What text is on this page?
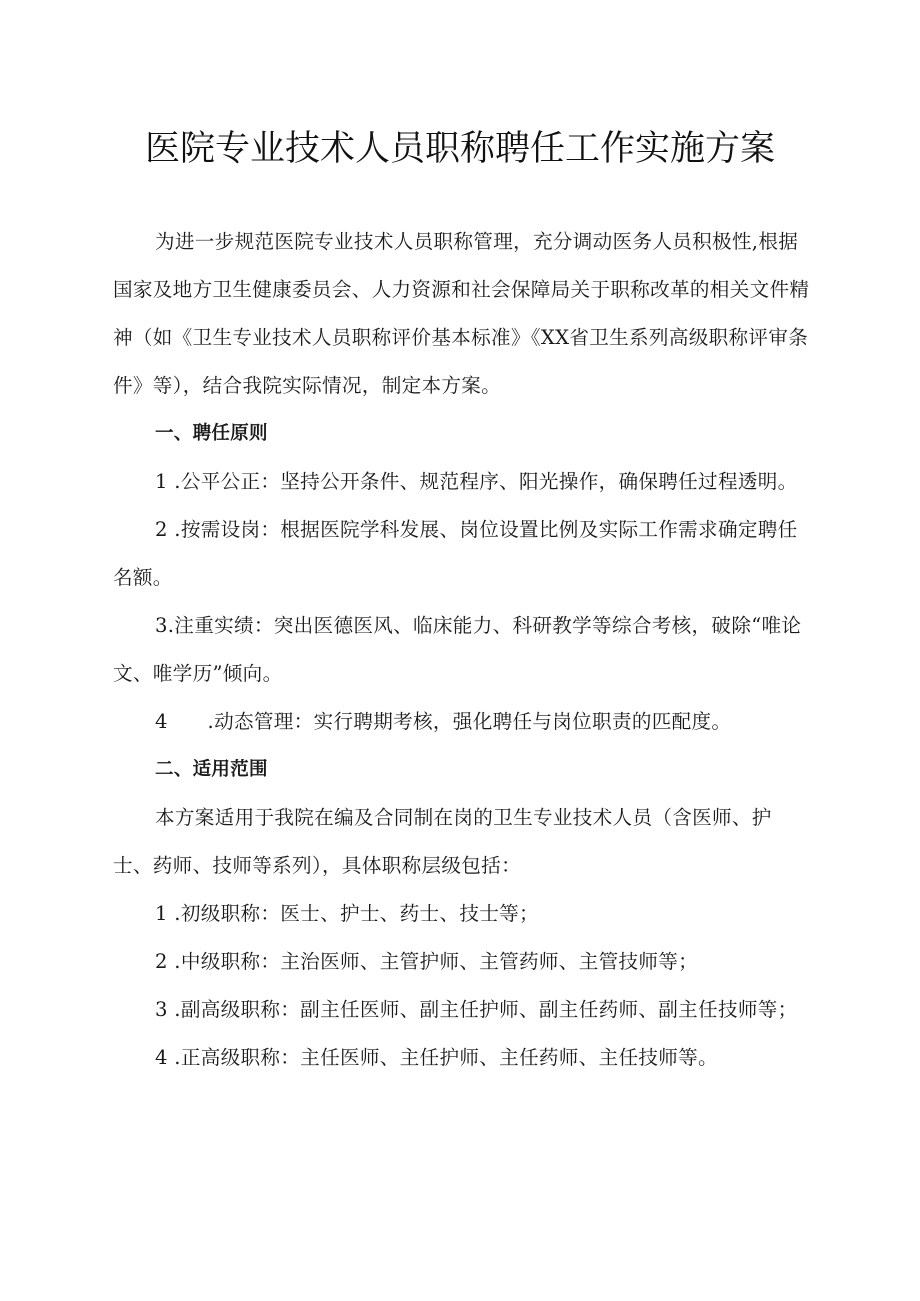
医院专业技术人员职称聘任工作实施方案

为进一步规范医院专业技术人员职称管理，充分调动医务人员积极性,根据国家及地方卫生健康委员会、人力资源和社会保障局关于职称改革的相关文件精神（如《卫生专业技术人员职称评价基本标准》《XX省卫生系列高级职称评审条件》等），结合我院实际情况，制定本方案。

一、聘任原则

1 .公平公正：坚持公开条件、规范程序、阳光操作，确保聘任过程透明。

2 .按需设岗：根据医院学科发展、岗位设置比例及实际工作需求确定聘任名额。

3.注重实绩：突出医德医风、临床能力、科研教学等综合考核，破除“唯论文、唯学历”倾向。

4  .动态管理：实行聘期考核，强化聘任与岗位职责的匹配度。

二、适用范围

本方案适用于我院在编及合同制在岗的卫生专业技术人员（含医师、护士、药师、技师等系列），具体职称层级包括：

1 .初级职称：医士、护士、药士、技士等；

2 .中级职称：主治医师、主管护师、主管药师、主管技师等；

3 .副高级职称：副主任医师、副主任护师、副主任药师、副主任技师等；

4 .正高级职称：主任医师、主任护师、主任药师、主任技师等。
